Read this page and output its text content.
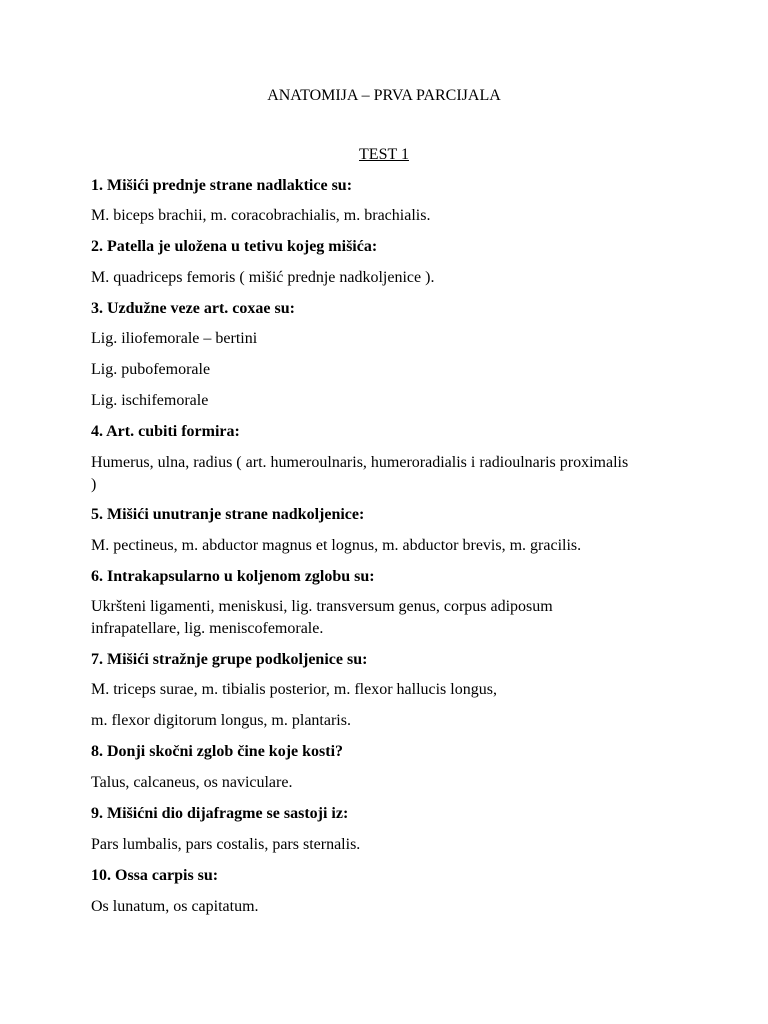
ANATOMIJA – PRVA PARCIJALA
TEST 1
1. Mišići prednje strane nadlaktice su:
M. biceps brachii, m. coracobrachialis, m. brachialis.
2. Patella je uložena u tetivu kojeg mišića:
M. quadriceps femoris ( mišić prednje nadkoljenice ).
3. Uzdužne veze art. coxae su:
Lig. iliofemorale – bertini
Lig. pubofemorale
Lig. ischifemorale
4. Art. cubiti formira:
Humerus, ulna, radius ( art. humeroulnaris, humeroradialis i radioulnaris proximalis )
5. Mišići unutranje strane nadkoljenice:
M. pectineus, m. abductor magnus et lognus, m. abductor brevis, m. gracilis.
6. Intrakapsularno u koljenom zglobu su:
Ukršteni ligamenti, meniskusi, lig. transversum genus, corpus adiposum infrapatellare, lig. meniscofemorale.
7. Mišići stražnje grupe podkoljenice su:
M. triceps surae, m. tibialis posterior, m. flexor hallucis longus,
m. flexor digitorum longus, m. plantaris.
8. Donji skočni zglob čine koje kosti?
Talus, calcaneus, os naviculare.
9. Mišićni dio dijafragme se sastoji iz:
Pars lumbalis, pars costalis, pars sternalis.
10. Ossa carpis su:
Os lunatum, os capitatum.
